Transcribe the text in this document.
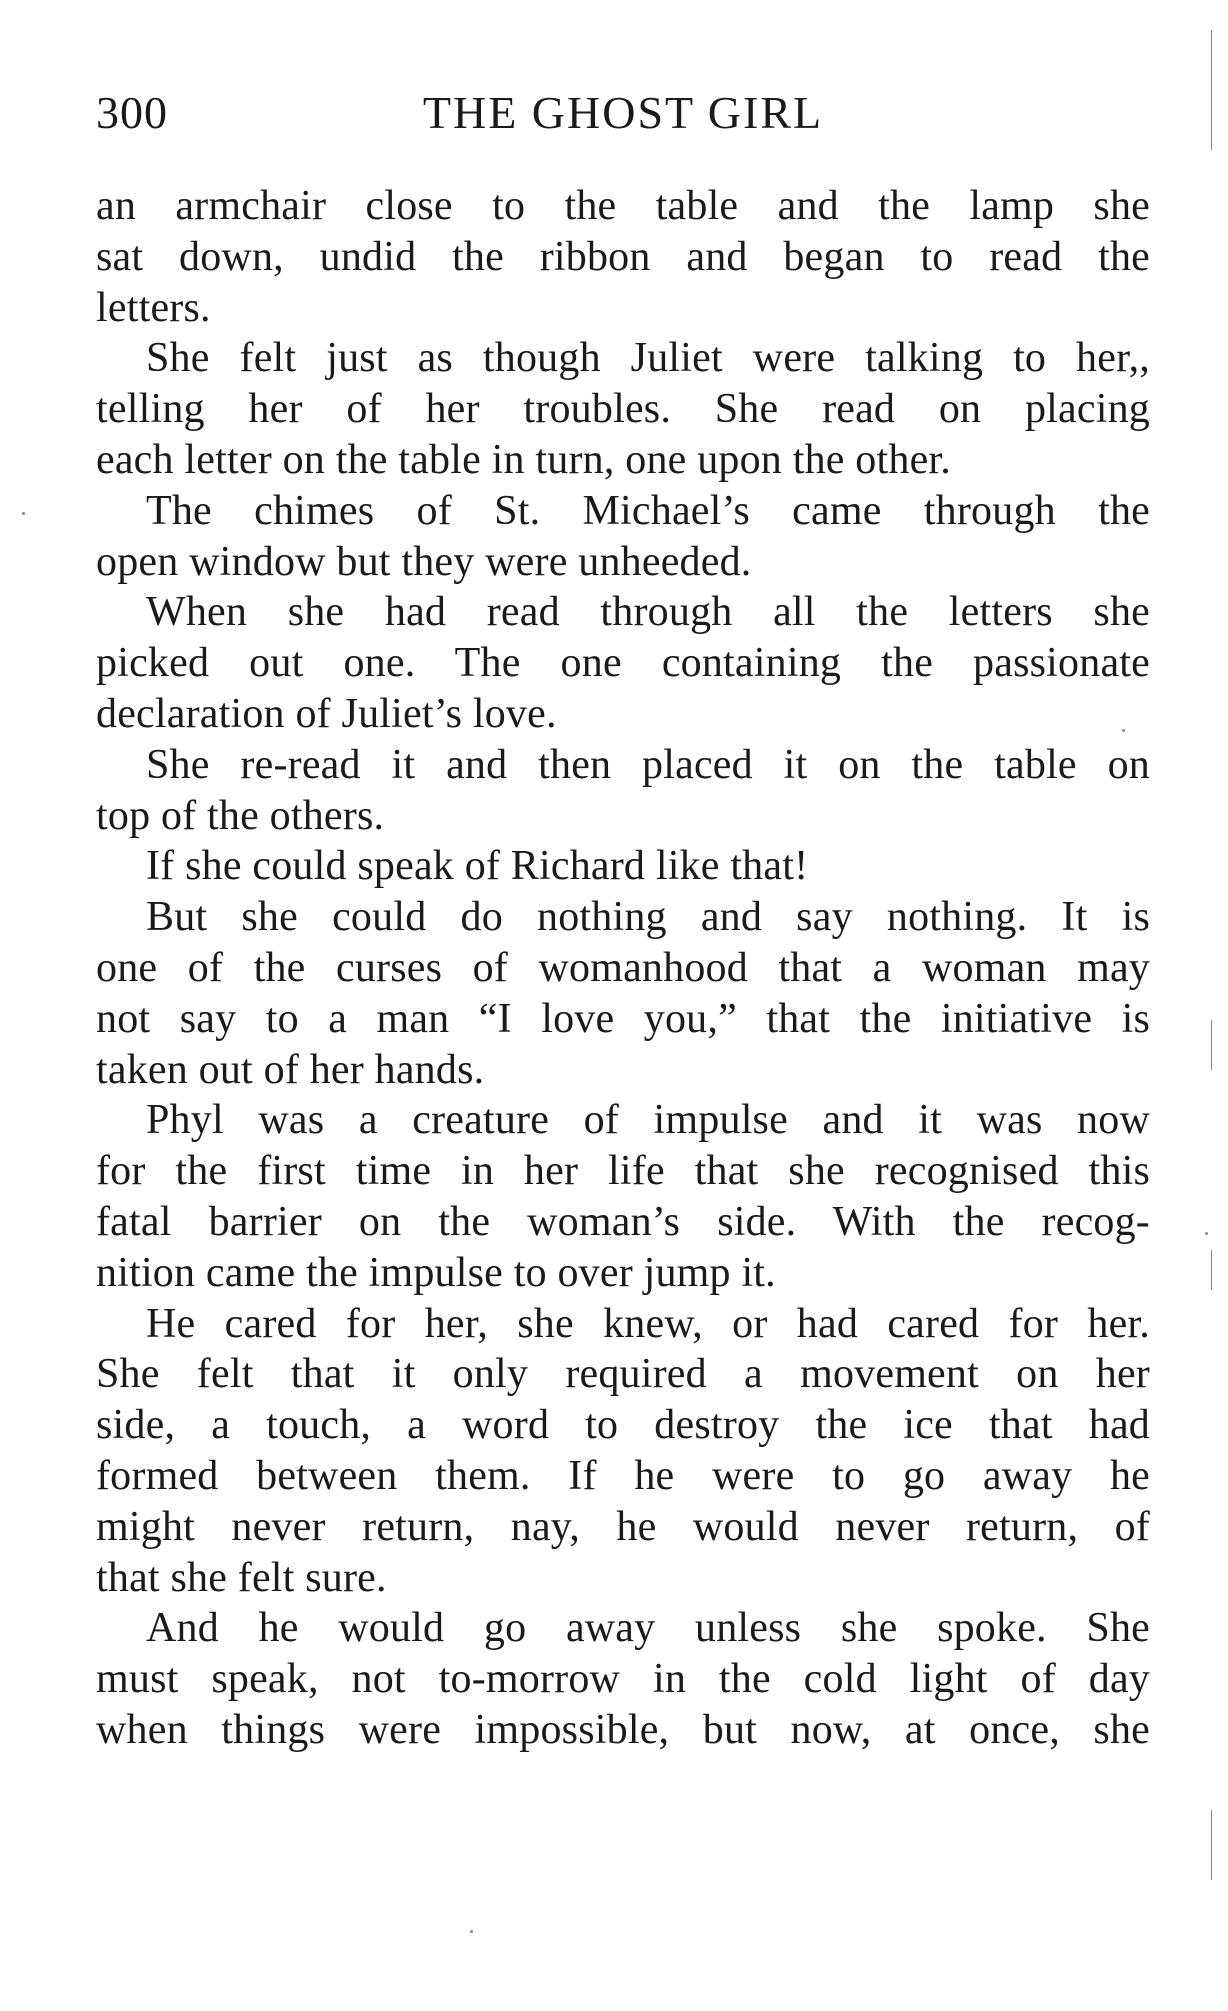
300	THE GHOST GIRL
an armchair close to the table and the lamp she
sat down, undid the ribbon and began to read the
letters.
She felt just as though Juliet were talking to her,,
telling her of her troubles. She read on placing
each letter on the table in turn, one upon the other.
The chimes of St. Michael’s came through the
open window but they were unheeded.
When she had read through all the letters she
picked out one. The one containing the passionate
declaration of Juliet’s love.
She re-read it and then placed it on the table on
top of the others.
If she could speak of Richard like that!
But she could do nothing and say nothing. It is
one of the curses of womanhood that a woman may
not say to a man “I love you,” that the initiative is
taken out of her hands.
Phyl was a creature of impulse and it was now
for the first time in her life that she recognised this
fatal barrier on the woman’s side. With the recog-
nition came the impulse to over jump it.
He cared for her, she knew, or had cared for her.
She felt that it only required a movement on her
side, a touch, a word to destroy the ice that had
formed between them. If he were to go away he
might never return, nay, he would never return, of
that she felt sure.
And he would go away unless she spoke. She
must speak, not to-morrow in the cold light of day
when things were impossible, but now, at once, she
